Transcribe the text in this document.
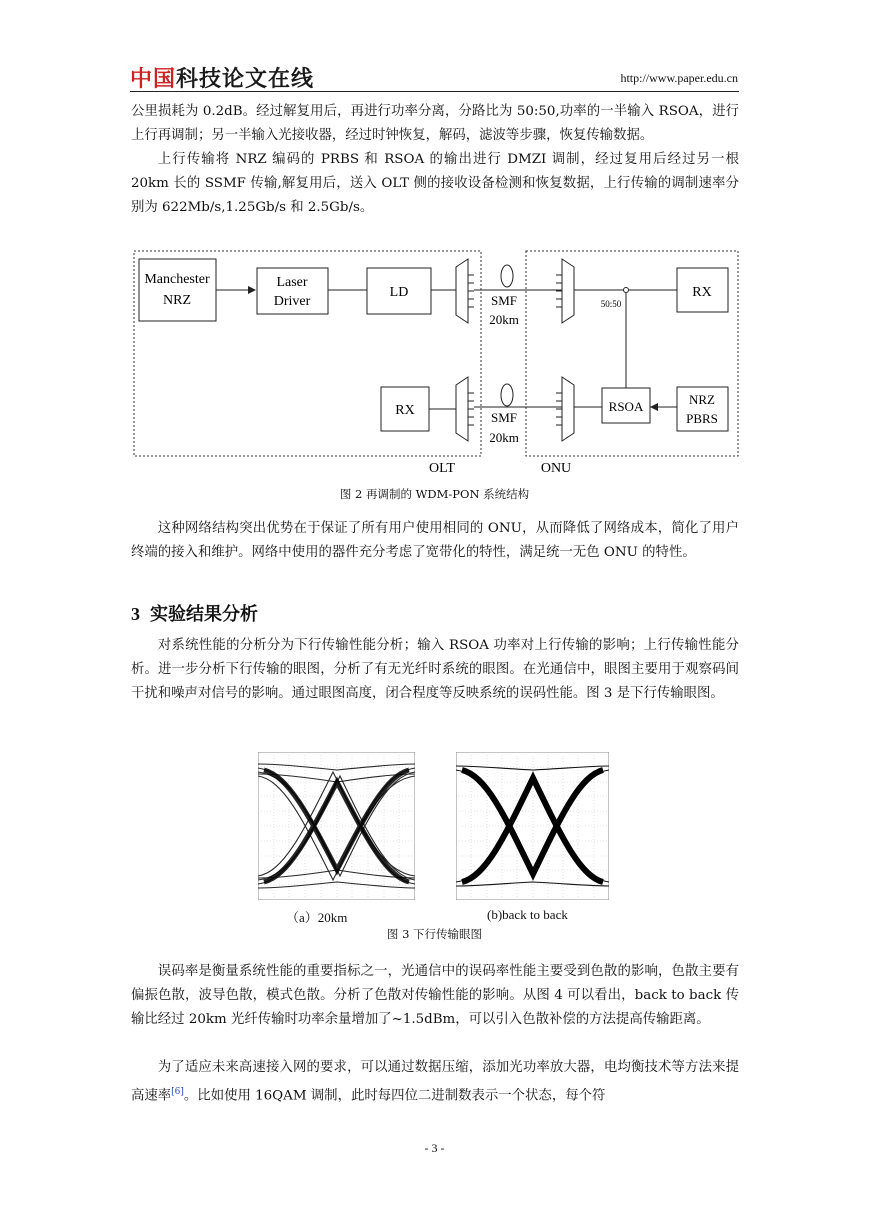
中国科技论文在线	http://www.paper.edu.cn

公里损耗为 0.2dB。经过解复用后，再进行功率分离，分路比为 50:50,功率的一半输入 RSOA，进行上行再调制；另一半输入光接收器，经过时钟恢复，解码，滤波等步骤，恢复传输数据。

上行传输将 NRZ 编码的 PRBS 和 RSOA 的输出进行 DMZI 调制，经过复用后经过另一根 20km 长的 SSMF 传输,解复用后，送入 OLT 侧的接收设备检测和恢复数据，上行传输的调制速率分别为 622Mb/s,1.25Gb/s 和 2.5Gb/s。

Manchester
NRZ
Laser
Driver
LD
SMF
20km
50:50
RX
RX	SMF
20km
RSOA	NRZ
PBRS
OLT	ONU
图 2 再调制的 WDM-PON 系统结构

这种网络结构突出优势在于保证了所有用户使用相同的 ONU，从而降低了网络成本，简化了用户终端的接入和维护。网络中使用的器件充分考虑了宽带化的特性，满足统一无色 ONU 的特性。

3 实验结果分析

对系统性能的分析分为下行传输性能分析；输入 RSOA 功率对上行传输的影响；上行传输性能分析。进一步分析下行传输的眼图，分析了有无光纤时系统的眼图。在光通信中，眼图主要用于观察码间干扰和噪声对信号的影响。通过眼图高度，闭合程度等反映系统的误码性能。图 3 是下行传输眼图。

（a）20km	(b)back to back
图 3 下行传输眼图

误码率是衡量系统性能的重要指标之一，光通信中的误码率性能主要受到色散的影响，色散主要有偏振色散，波导色散，模式色散。分析了色散对传输性能的影响。从图 4 可以看出，back to back 传输比经过 20km 光纤传输时功率余量增加了~1.5dBm，可以引入色散补偿的方法提高传输距离。

为了适应未来高速接入网的要求，可以通过数据压缩，添加光功率放大器，电均衡技术等方法来提高速率[6]。比如使用 16QAM 调制，此时每四位二进制数表示一个状态，每个符

- 3 -
